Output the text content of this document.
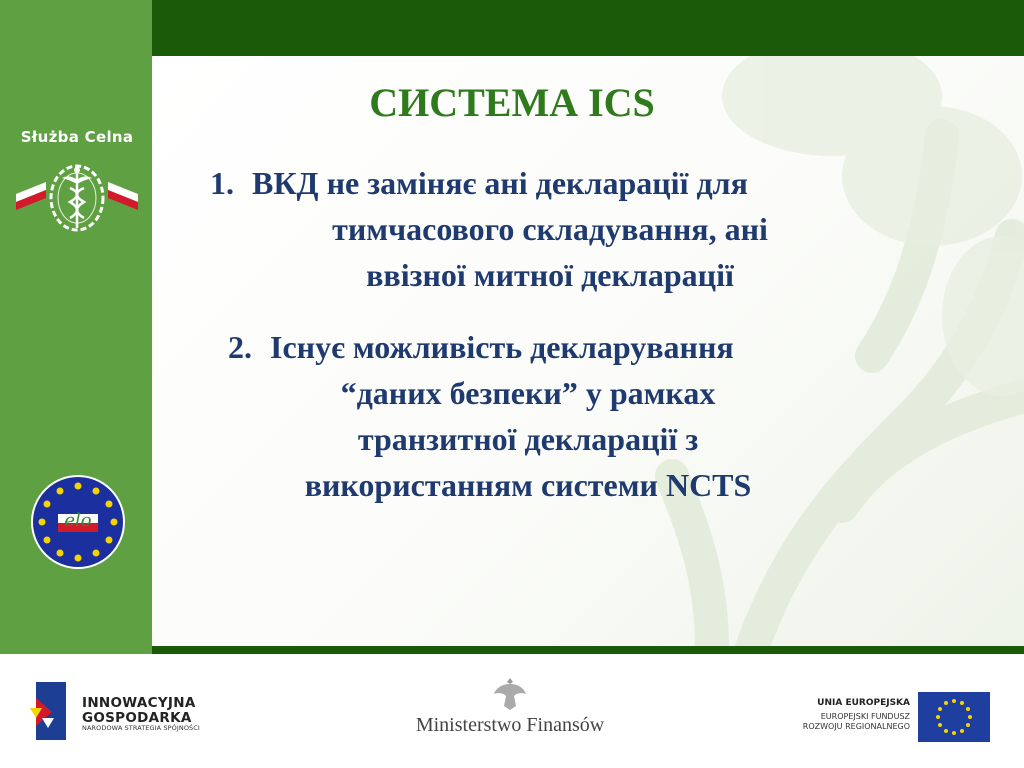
Służba Celna
elo
СИСТЕМА ICS
1. ВКД не заміняє ані декларації для
тимчасового складування, ані
ввізної митної декларації
2. Існує можливість декларування
“даних безпеки” у рамках
транзитної декларації з
використанням системи NCTS
INNOWACYJNA
GOSPODARKA
NARODOWA STRATEGIA SPÓJNOŚCI	Ministerstwo Finansów
UNIA EUROPEJSKA
EUROPEJSKI FUNDUSZ
ROZWOJU REGIONALNEGO
